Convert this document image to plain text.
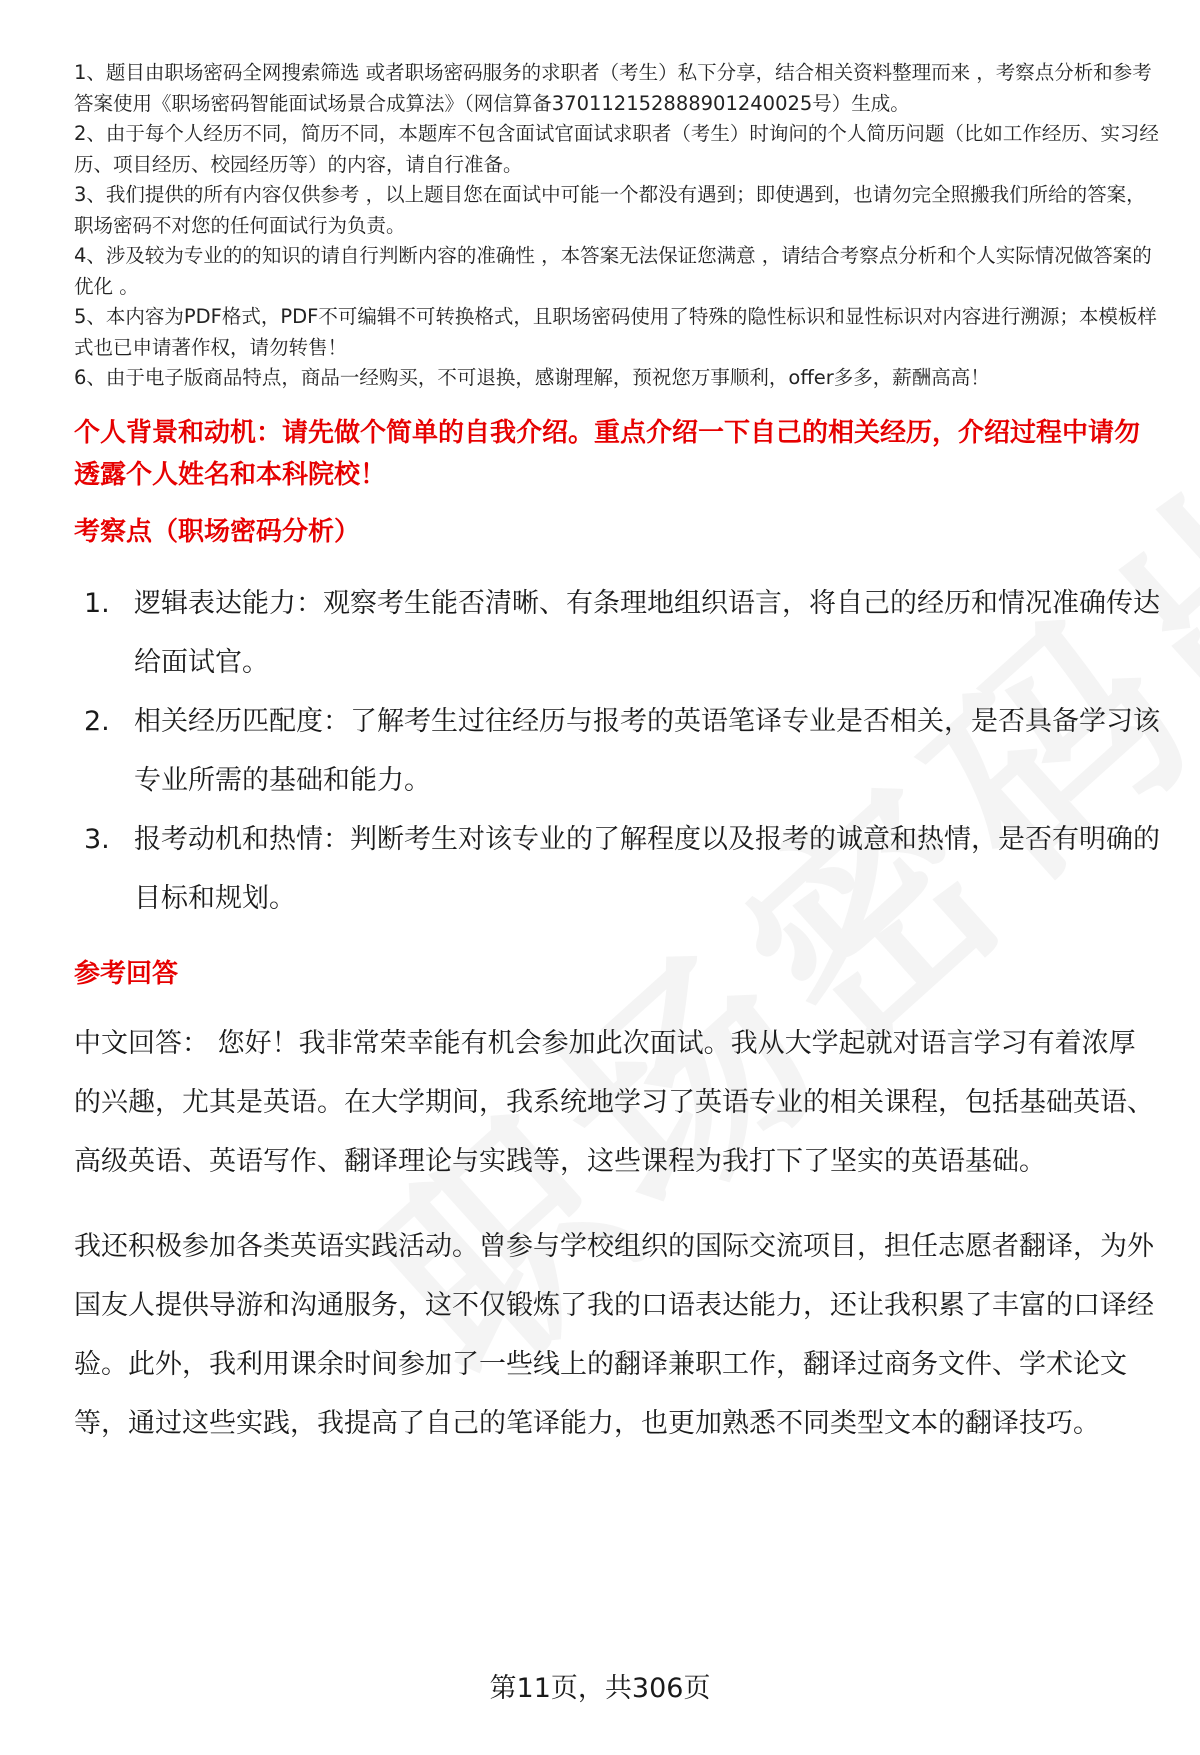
1、题目由职场密码全网搜索筛选 或者职场密码服务的求职者（考生）私下分享，结合相关资料整理而来 ，考察点分析和参考答案使用《职场密码智能面试场景合成算法》（网信算备370112152888901240025号）生成。

2、由于每个人经历不同，简历不同，本题库不包含面试官面试求职者（考生）时询问的个人简历问题（比如工作经历、实习经历、项目经历、校园经历等）的内容，请自行准备。

3、我们提供的所有内容仅供参考 ，以上题目您在面试中可能一个都没有遇到；即使遇到，也请勿完全照搬我们所给的答案，职场密码不对您的任何面试行为负责。

4、涉及较为专业的的知识的请自行判断内容的准确性 ，本答案无法保证您满意 ，请结合考察点分析和个人实际情况做答案的优化 。

5、本内容为PDF格式，PDF不可编辑不可转换格式，且职场密码使用了特殊的隐性标识和显性标识对内容进行溯源；本模板样式也已申请著作权，请勿转售！

6、由于电子版商品特点，商品一经购买，不可退换，感谢理解，预祝您万事顺利，offer多多，薪酬高高！

个人背景和动机：请先做个简单的自我介绍。重点介绍一下自己的相关经历，介绍过程中请勿透露个人姓名和本科院校！
考察点（职场密码分析）
1. 逻辑表达能力：观察考生能否清晰、有条理地组织语言，将自己的经历和情况准确传达给面试官。
2. 相关经历匹配度：了解考生过往经历与报考的英语笔译专业是否相关，是否具备学习该专业所需的基础和能力。
3. 报考动机和热情：判断考生对该专业的了解程度以及报考的诚意和热情，是否有明确的目标和规划。
参考回答

中文回答： 您好！我非常荣幸能有机会参加此次面试。我从大学起就对语言学习有着浓厚的兴趣，尤其是英语。在大学期间，我系统地学习了英语专业的相关课程，包括基础英语、高级英语、英语写作、翻译理论与实践等，这些课程为我打下了坚实的英语基础。

我还积极参加各类英语实践活动。曾参与学校组织的国际交流项目，担任志愿者翻译，为外国友人提供导游和沟通服务，这不仅锻炼了我的口语表达能力，还让我积累了丰富的口译经验。此外，我利用课余时间参加了一些线上的翻译兼职工作，翻译过商务文件、学术论文等，通过这些实践，我提高了自己的笔译能力，也更加熟悉不同类型文本的翻译技巧。

第11页，共306页
